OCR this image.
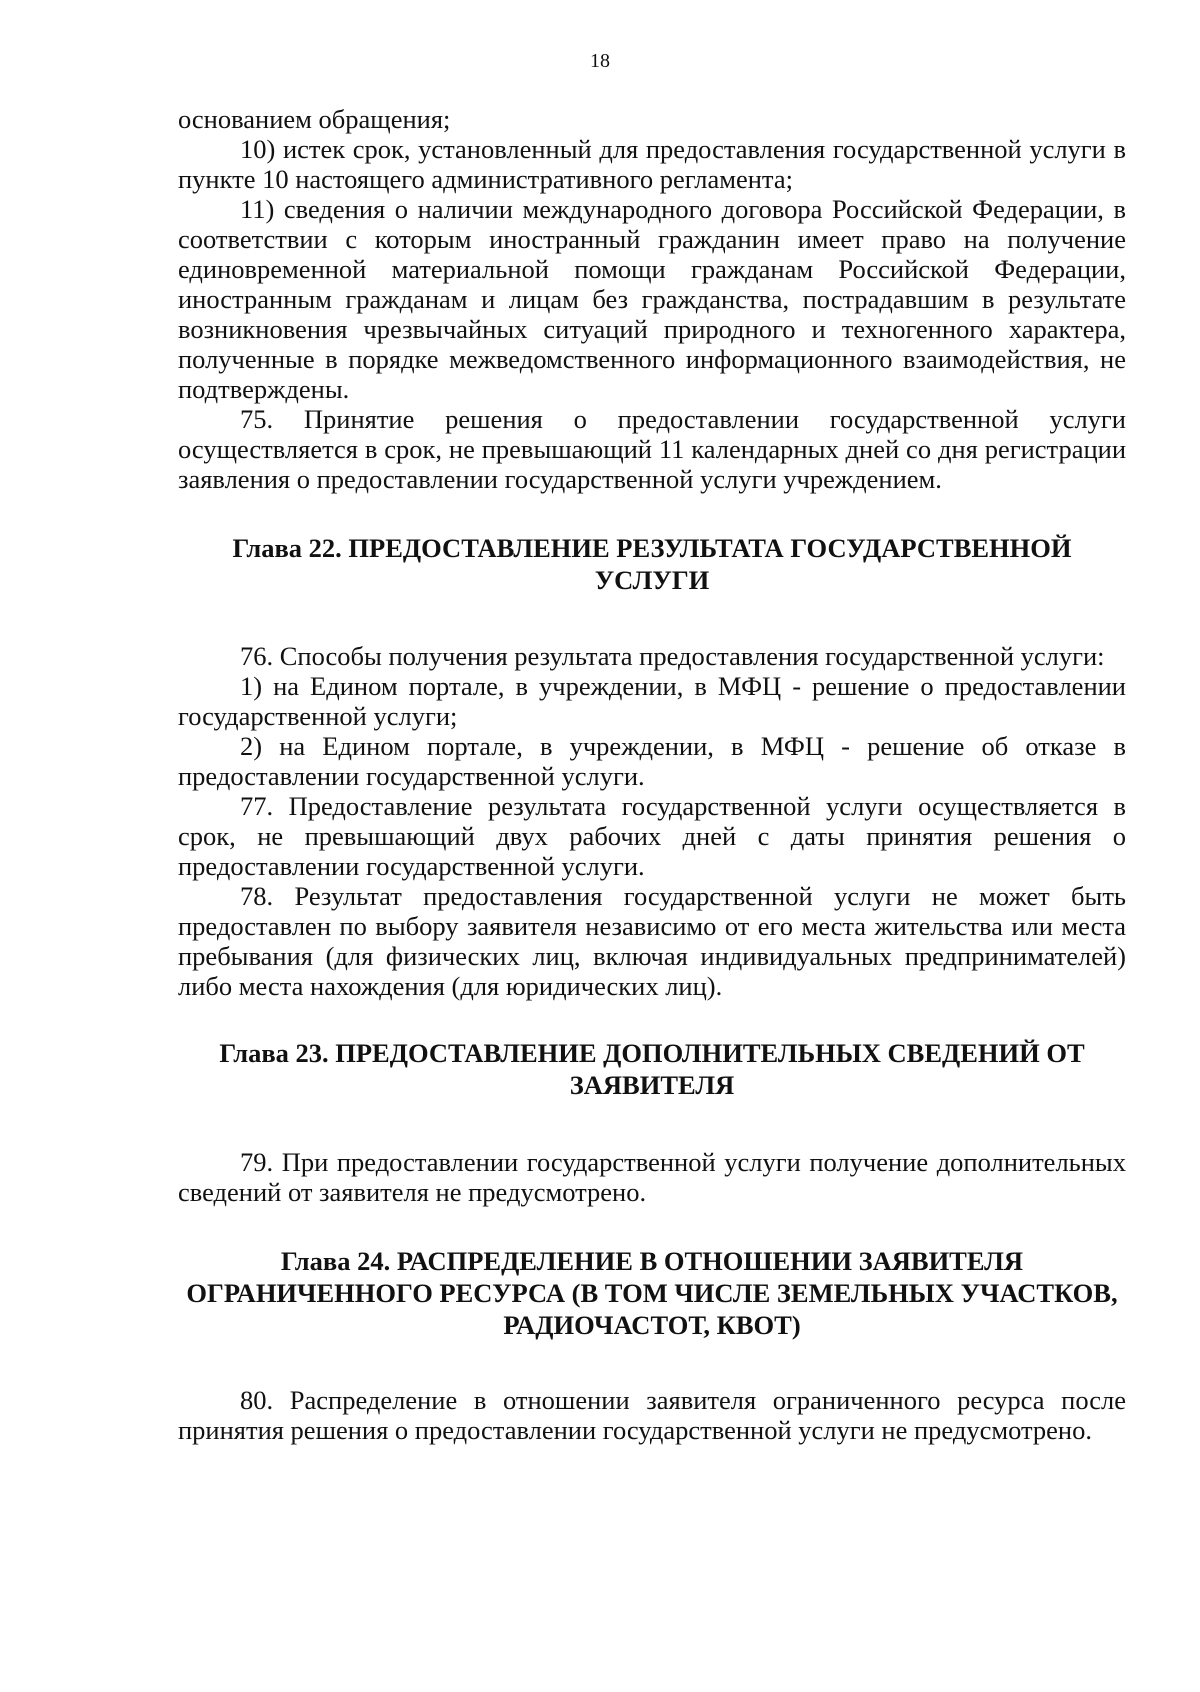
18

основанием обращения;

10) истек срок, установленный для предоставления государственной услуги в пункте 10 настоящего административного регламента;

11) сведения о наличии международного договора Российской Федерации, в соответствии с которым иностранный гражданин имеет право на получение единовременной материальной помощи гражданам Российской Федерации, иностранным гражданам и лицам без гражданства, пострадавшим в результате возникновения чрезвычайных ситуаций природного и техногенного характера, полученные в порядке межведомственного информационного взаимодействия, не подтверждены.

75. Принятие решения о предоставлении государственной услуги осуществляется в срок, не превышающий 11 календарных дней со дня регистрации заявления о предоставлении государственной услуги учреждением.

Глава 22. ПРЕДОСТАВЛЕНИЕ РЕЗУЛЬТАТА ГОСУДАРСТВЕННОЙ
УСЛУГИ

76. Способы получения результата предоставления государственной услуги:

1) на Едином портале, в учреждении, в МФЦ - решение о предоставлении государственной услуги;

2) на Едином портале, в учреждении, в МФЦ - решение об отказе в предоставлении государственной услуги.

77. Предоставление результата государственной услуги осуществляется в срок, не превышающий двух рабочих дней с даты принятия решения о предоставлении государственной услуги.

78. Результат предоставления государственной услуги не может быть предоставлен по выбору заявителя независимо от его места жительства или места пребывания (для физических лиц, включая индивидуальных предпринимателей) либо места нахождения (для юридических лиц).

Глава 23. ПРЕДОСТАВЛЕНИЕ ДОПОЛНИТЕЛЬНЫХ СВЕДЕНИЙ ОТ
ЗАЯВИТЕЛЯ

79. При предоставлении государственной услуги получение дополнительных сведений от заявителя не предусмотрено.

Глава 24. РАСПРЕДЕЛЕНИЕ В ОТНОШЕНИИ ЗАЯВИТЕЛЯ
ОГРАНИЧЕННОГО РЕСУРСА (В ТОМ ЧИСЛЕ ЗЕМЕЛЬНЫХ УЧАСТКОВ,
РАДИОЧАСТОТ, КВОТ)

80. Распределение в отношении заявителя ограниченного ресурса после принятия решения о предоставлении государственной услуги не предусмотрено.
